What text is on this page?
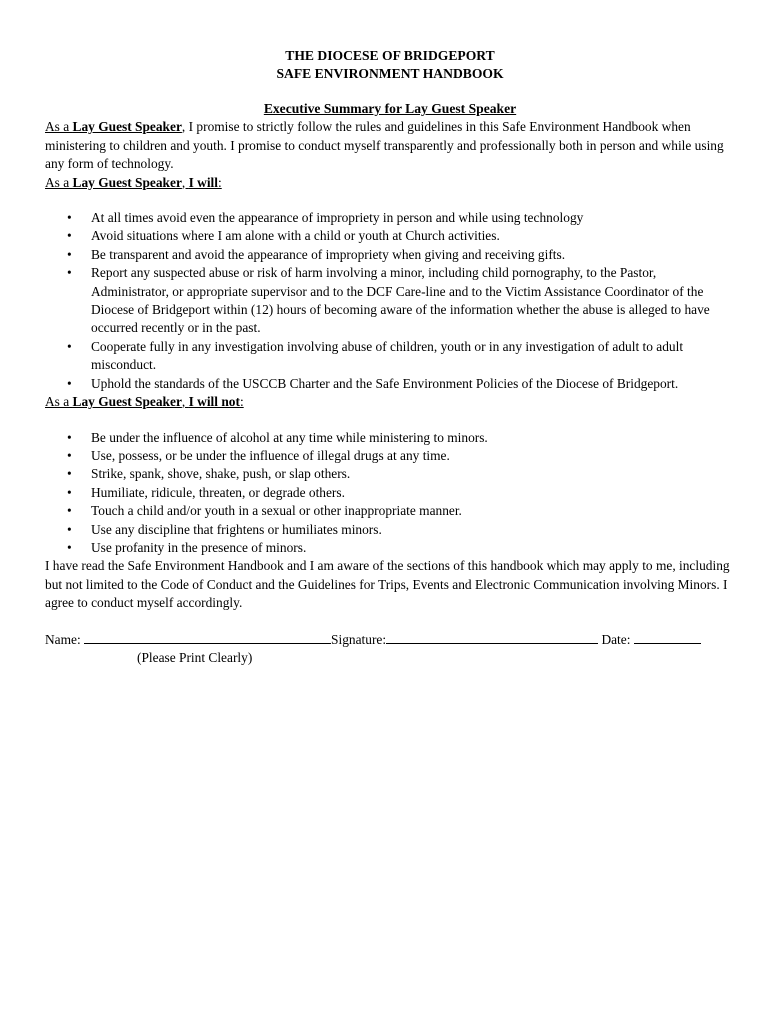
THE DIOCESE OF BRIDGEPORT
SAFE ENVIRONMENT HANDBOOK
Executive Summary for Lay Guest Speaker

As a Lay Guest Speaker, I promise to strictly follow the rules and guidelines in this Safe Environment Handbook when ministering to children and youth. I promise to conduct myself transparently and professionally both in person and while using any form of technology.

As a Lay Guest Speaker, I will:

• At all times avoid even the appearance of impropriety in person and while using technology
• Avoid situations where I am alone with a child or youth at Church activities.
• Be transparent and avoid the appearance of impropriety when giving and receiving gifts.
• Report any suspected abuse or risk of harm involving a minor, including child pornography, to the Pastor, Administrator, or appropriate supervisor and to the DCF Care-line and to the Victim Assistance Coordinator of the Diocese of Bridgeport within (12) hours of becoming aware of the information whether the abuse is alleged to have occurred recently or in the past.
• Cooperate fully in any investigation involving abuse of children, youth or in any investigation of adult to adult misconduct.
• Uphold the standards of the USCCB Charter and the Safe Environment Policies of the Diocese of Bridgeport.

As a Lay Guest Speaker, I will not:

• Be under the influence of alcohol at any time while ministering to minors.
• Use, possess, or be under the influence of illegal drugs at any time.
• Strike, spank, shove, shake, push, or slap others.
• Humiliate, ridicule, threaten, or degrade others.
• Touch a child and/or youth in a sexual or other inappropriate manner.
• Use any discipline that frightens or humiliates minors.
• Use profanity in the presence of minors.

I have read the Safe Environment Handbook and I am aware of the sections of this handbook which may apply to me, including but not limited to the Code of Conduct and the Guidelines for Trips, Events and Electronic Communication involving Minors. I agree to conduct myself accordingly.

Name:	Signature:	Date:
(Please Print Clearly)
